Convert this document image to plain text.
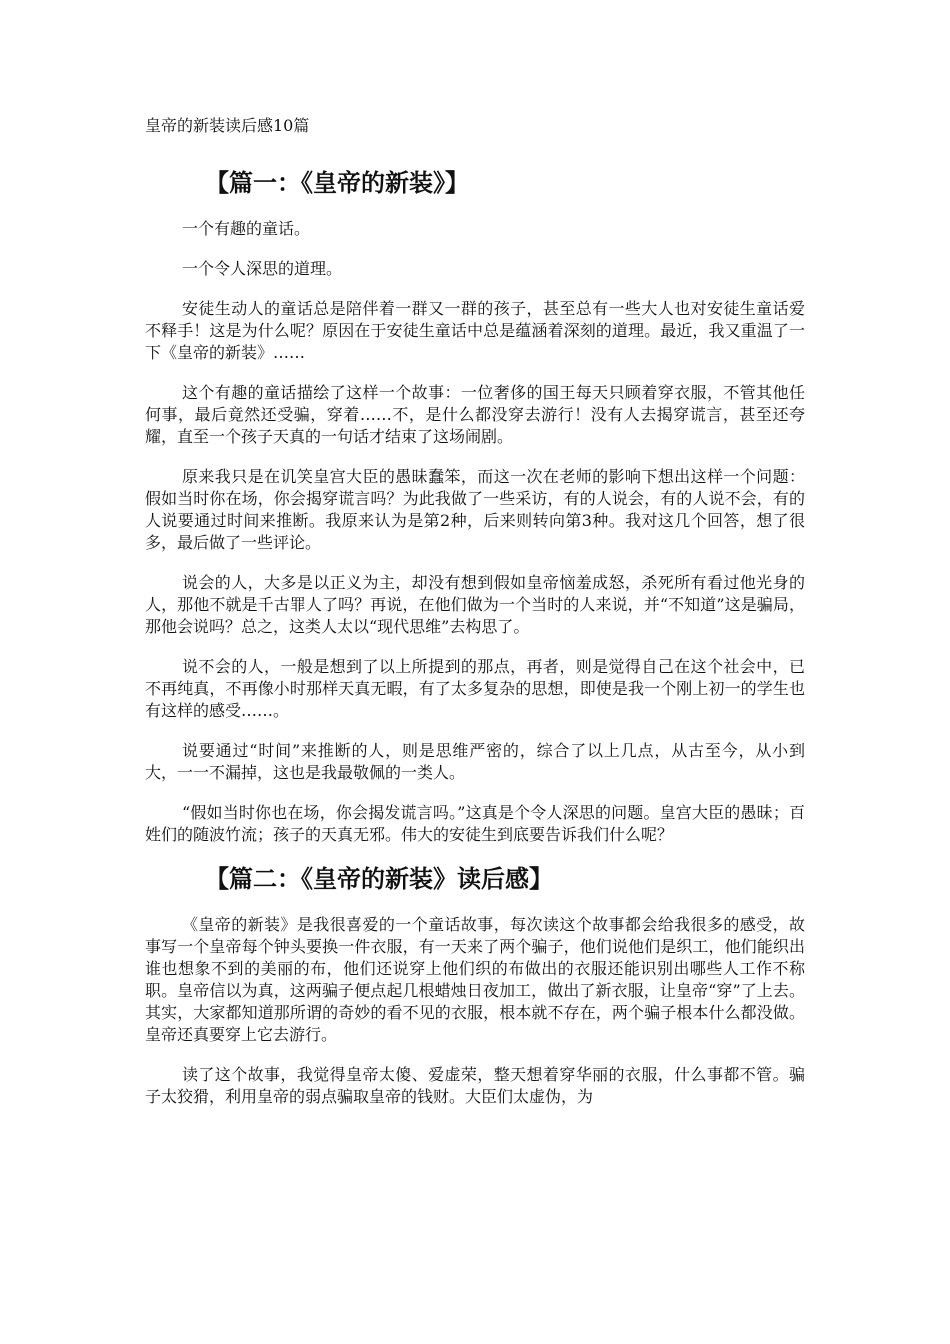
皇帝的新装读后感10篇
【篇一：《皇帝的新装》】

一个有趣的童话。

一个令人深思的道理。

安徒生动人的童话总是陪伴着一群又一群的孩子，甚至总有一些大人也对安徒生童话爱不释手！这是为什么呢？原因在于安徒生童话中总是蕴涵着深刻的道理。最近，我又重温了一下《皇帝的新装》……

这个有趣的童话描绘了这样一个故事：一位奢侈的国王每天只顾着穿衣服，不管其他任何事，最后竟然还受骗，穿着……不，是什么都没穿去游行！没有人去揭穿谎言，甚至还夸耀，直至一个孩子天真的一句话才结束了这场闹剧。

原来我只是在讥笑皇宫大臣的愚昧蠢笨，而这一次在老师的影响下想出这样一个问题：假如当时你在场，你会揭穿谎言吗？为此我做了一些采访，有的人说会，有的人说不会，有的人说要通过时间来推断。我原来认为是第2种，后来则转向第3种。我对这几个回答，想了很多，最后做了一些评论。

说会的人，大多是以正义为主，却没有想到假如皇帝恼羞成怒，杀死所有看过他光身的人，那他不就是千古罪人了吗？再说，在他们做为一个当时的人来说，并“不知道”这是骗局，那他会说吗？总之，这类人太以“现代思维”去构思了。

说不会的人，一般是想到了以上所提到的那点，再者，则是觉得自己在这个社会中，已不再纯真，不再像小时那样天真无暇，有了太多复杂的思想，即使是我一个刚上初一的学生也有这样的感受……。

说要通过“时间”来推断的人，则是思维严密的，综合了以上几点，从古至今，从小到大，一一不漏掉，这也是我最敬佩的一类人。

“假如当时你也在场，你会揭发谎言吗。”这真是个令人深思的问题。皇宫大臣的愚昧；百姓们的随波竹流；孩子的天真无邪。伟大的安徒生到底要告诉我们什么呢？

【篇二：《皇帝的新装》读后感】

《皇帝的新装》是我很喜爱的一个童话故事，每次读这个故事都会给我很多的感受，故事写一个皇帝每个钟头要换一件衣服，有一天来了两个骗子，他们说他们是织工，他们能织出谁也想象不到的美丽的布，他们还说穿上他们织的布做出的衣服还能识别出哪些人工作不称职。皇帝信以为真，这两骗子便点起几根蜡烛日夜加工，做出了新衣服，让皇帝“穿”了上去。其实，大家都知道那所谓的奇妙的看不见的衣服，根本就不存在，两个骗子根本什么都没做。皇帝还真要穿上它去游行。

读了这个故事，我觉得皇帝太傻、爱虚荣，整天想着穿华丽的衣服，什么事都不管。骗子太狡猾，利用皇帝的弱点骗取皇帝的钱财。大臣们太虚伪，为
